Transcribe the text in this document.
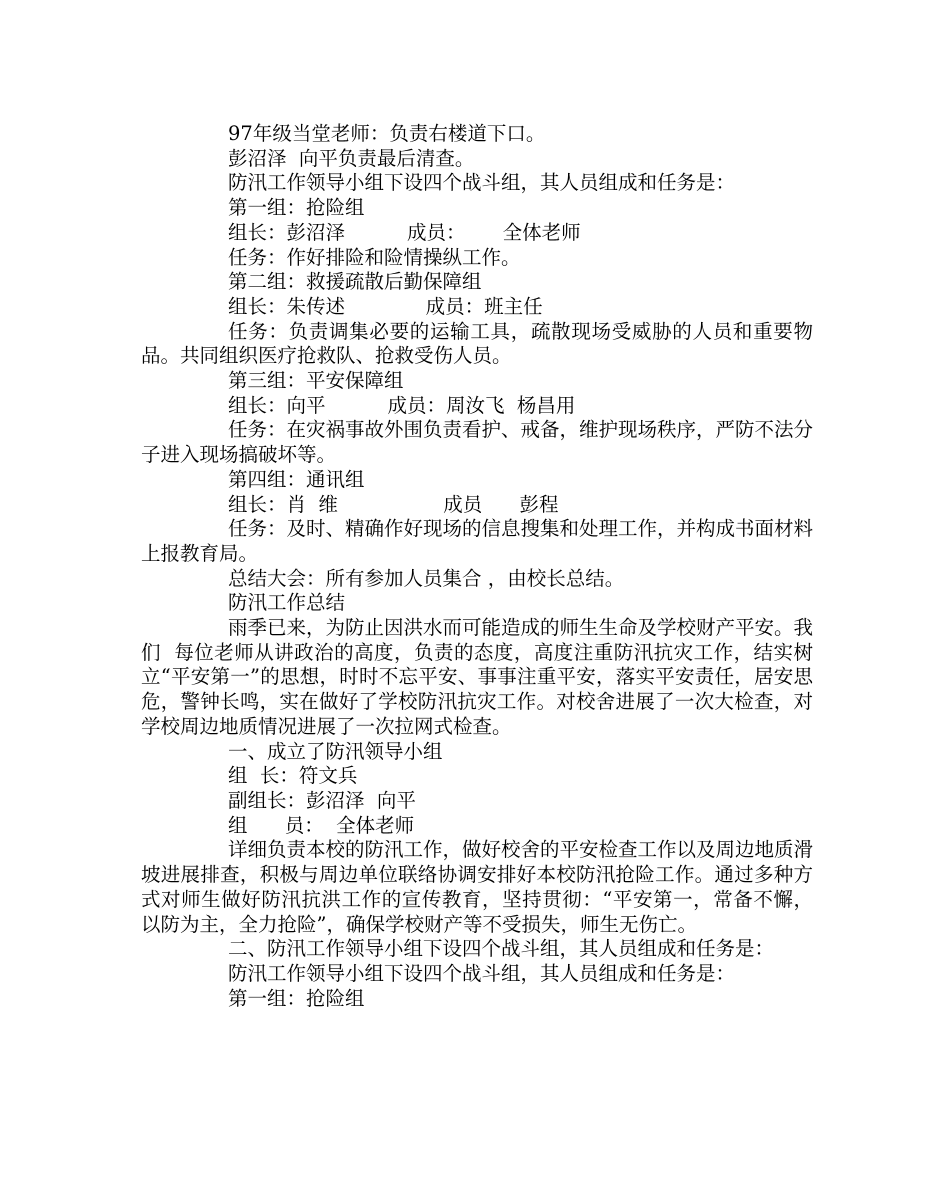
97年级当堂老师：负责右楼道下口。

彭沼泽  向平负责最后清查。

防汛工作领导小组下设四个战斗组，其人员组成和任务是：

第一组：抢险组

组长：彭沼泽          成员：      全体老师

任务：作好排险和险情操纵工作。

第二组：救援疏散后勤保障组

组长：朱传述             成员：班主任

任务：负责调集必要的运输工具，疏散现场受威胁的人员和重要物品。共同组织医疗抢救队、抢救受伤人员。

第三组：平安保障组

组长：向平          成员：周汝飞  杨昌用

任务：在灾祸事故外围负责看护、戒备，维护现场秩序，严防不法分子进入现场搞破坏等。

第四组：通讯组

组长：肖  维                 成员      彭程

任务：及时、精确作好现场的信息搜集和处理工作，并构成书面材料上报教育局。

总结大会：所有参加人员集合 ，由校长总结。

防汛工作总结

雨季已来，为防止因洪水而可能造成的师生生命及学校财产平安。我们  每位老师从讲政治的高度，负责的态度，高度注重防汛抗灾工作，结实树立“平安第一”的思想，时时不忘平安、事事注重平安，落实平安责任，居安思危，警钟长鸣，实在做好了学校防汛抗灾工作。对校舍进展了一次大检查，对学校周边地质情况进展了一次拉网式检查。

一、成立了防汛领导小组

组  长：符文兵

副组长：彭沼泽  向平

组      员：  全体老师

详细负责本校的防汛工作，做好校舍的平安检查工作以及周边地质滑坡进展排查，积极与周边单位联络协调安排好本校防汛抢险工作。通过多种方式对师生做好防汛抗洪工作的宣传教育，坚持贯彻：“平安第一，常备不懈，以防为主，全力抢险”，确保学校财产等不受损失，师生无伤亡。

二、防汛工作领导小组下设四个战斗组，其人员组成和任务是：

防汛工作领导小组下设四个战斗组，其人员组成和任务是：

第一组：抢险组
